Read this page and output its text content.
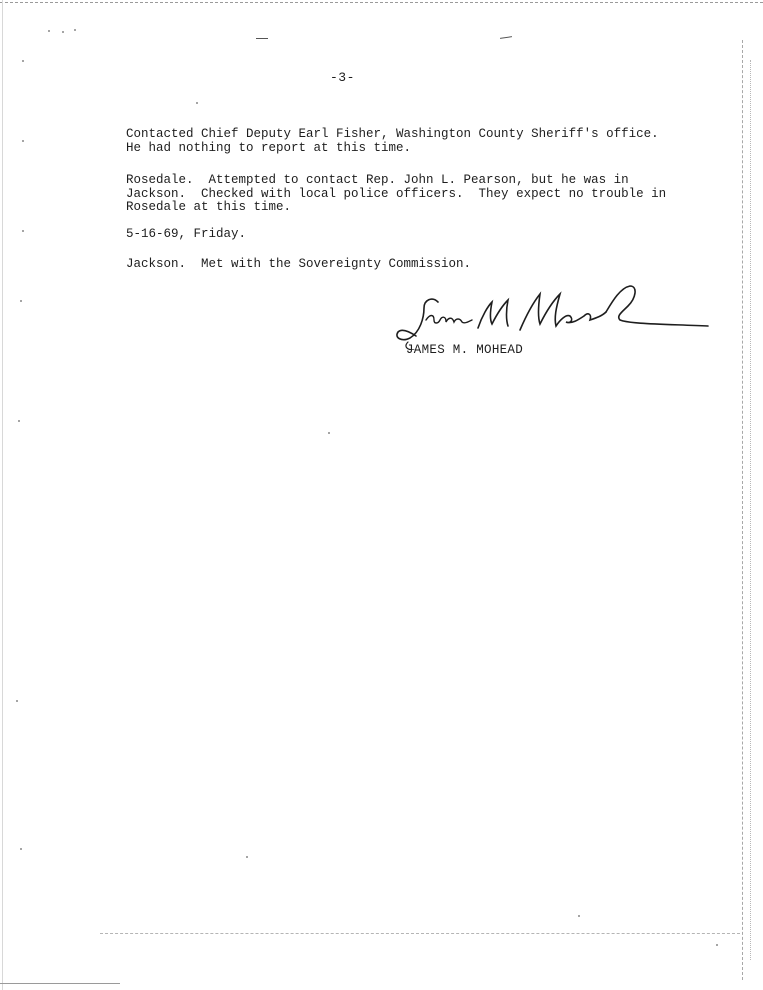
-3-
Contacted Chief Deputy Earl Fisher, Washington County Sheriff's office.
He had nothing to report at this time.
Rosedale.  Attempted to contact Rep. John L. Pearson, but he was in
Jackson.  Checked with local police officers.  They expect no trouble in
Rosedale at this time.
5-16-69, Friday.
Jackson.  Met with the Sovereignty Commission.
JAMES M. MOHEAD
